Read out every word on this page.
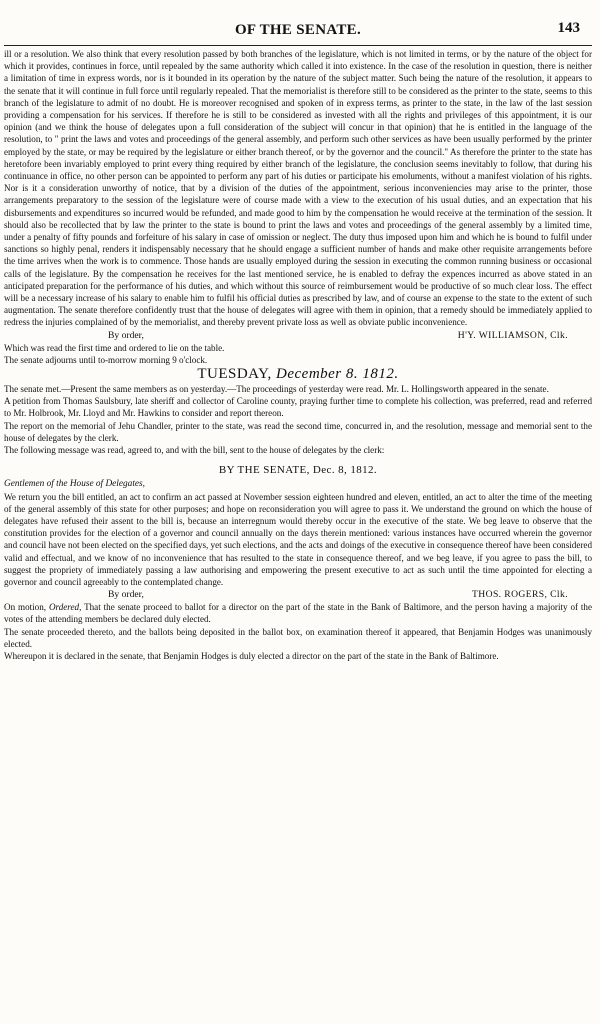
OF THE SENATE.	143

ill or a resolution. We also think that every resolution passed by both branches of the legislature, which is not limited in terms, or by the nature of the object for which it provides, continues in force, until repealed by the same authority which called it into existence. In the case of the resolution in question, there is neither a limitation of time in express words, nor is it bounded in its operation by the nature of the subject matter. Such being the nature of the resolution, it appears to the senate that it will continue in full force until regularly repealed. That the memorialist is therefore still to be considered as the printer to the state, seems to this branch of the legislature to admit of no doubt. He is moreover recognised and spoken of in express terms, as printer to the state, in the law of the last session providing a compensation for his services. If therefore he is still to be considered as invested with all the rights and privileges of this appointment, it is our opinion (and we think the house of delegates upon a full consideration of the subject will concur in that opinion) that he is entitled in the language of the resolution, to " print the laws and votes and proceedings of the general assembly, and perform such other services as have been usually performed by the printer employed by the state, or may be required by the legislature or either branch thereof, or by the governor and the council." As therefore the printer to the state has heretofore been invariably employed to print every thing required by either branch of the legislature, the conclusion seems inevitably to follow, that during his continuance in office, no other person can be appointed to perform any part of his duties or participate his emoluments, without a manifest violation of his rights. Nor is it a consideration unworthy of notice, that by a division of the duties of the appointment, serious inconveniencies may arise to the printer, those arrangements preparatory to the session of the legislature were of course made with a view to the execution of his usual duties, and an expectation that his disbursements and expenditures so incurred would be refunded, and made good to him by the compensation he would receive at the termination of the session. It should also be recollected that by law the printer to the state is bound to print the laws and votes and proceedings of the general assembly by a limited time, under a penalty of fifty pounds and forfeiture of his salary in case of omission or neglect. The duty thus imposed upon him and which he is bound to fulfil under sanctions so highly penal, renders it indispensably necessary that he should engage a sufficient number of hands and make other requisite arrangements before the time arrives when the work is to commence. Those hands are usually employed during the session in executing the common running business or occasional calls of the legislature. By the compensation he receives for the last mentioned service, he is enabled to defray the expences incurred as above stated in an anticipated preparation for the performance of his duties, and which without this source of reimbursement would be productive of so much clear loss. The effect will be a necessary increase of his salary to enable him to fulfil his official duties as prescribed by law, and of course an expense to the state to the extent of such augmentation. The senate therefore confidently trust that the house of delegates will agree with them in opinion, that a remedy should be immediately applied to redress the injuries complained of by the memorialist, and thereby prevent private loss as well as obviate public inconvenience.

By order,	H'Y. WILLIAMSON, Clk.

Which was read the first time and ordered to lie on the table.

The senate adjourns until to-morrow morning 9 o'clock.

TUESDAY, December 8. 1812.

The senate met.—Present the same members as on yesterday.—The proceedings of yesterday were read. Mr. L. Hollingsworth appeared in the senate.

A petition from Thomas Saulsbury, late sheriff and collector of Caroline county, praying further time to complete his collection, was preferred, read and referred to Mr. Holbrook, Mr. Lloyd and Mr. Hawkins to consider and report thereon.

The report on the memorial of Jehu Chandler, printer to the state, was read the second time, concurred in, and the resolution, message and memorial sent to the house of delegates by the clerk.

The following message was read, agreed to, and with the bill, sent to the house of delegates by the clerk:

BY THE SENATE, Dec. 8, 1812.

Gentlemen of the House of Delegates,

We return you the bill entitled, an act to confirm an act passed at November session eighteen hundred and eleven, entitled, an act to alter the time of the meeting of the general assembly of this state for other purposes; and hope on reconsideration you will agree to pass it. We understand the ground on which the house of delegates have refused their assent to the bill is, because an interregnum would thereby occur in the executive of the state. We beg leave to observe that the constitution provides for the election of a governor and council annually on the days therein mentioned: various instances have occurred wherein the governor and council have not been elected on the specified days, yet such elections, and the acts and doings of the executive in consequence thereof have been considered valid and effectual, and we know of no inconvenience that has resulted to the state in consequence thereof, and we beg leave, if you agree to pass the bill, to suggest the propriety of immediately passing a law authorising and empowering the present executive to act as such until the time appointed for electing a governor and council agreeably to the contemplated change.

By order,	THOS. ROGERS, Clk.

On motion, Ordered, That the senate proceed to ballot for a director on the part of the state in the Bank of Baltimore, and the person having a majority of the votes of the attending members be declared duly elected.

The senate proceeded thereto, and the ballots being deposited in the ballot box, on examination thereof it appeared, that Benjamin Hodges was unanimously elected.

Whereupon it is declared in the senate, that Benjamin Hodges is duly elected a director on the part of the state in the Bank of Baltimore.
